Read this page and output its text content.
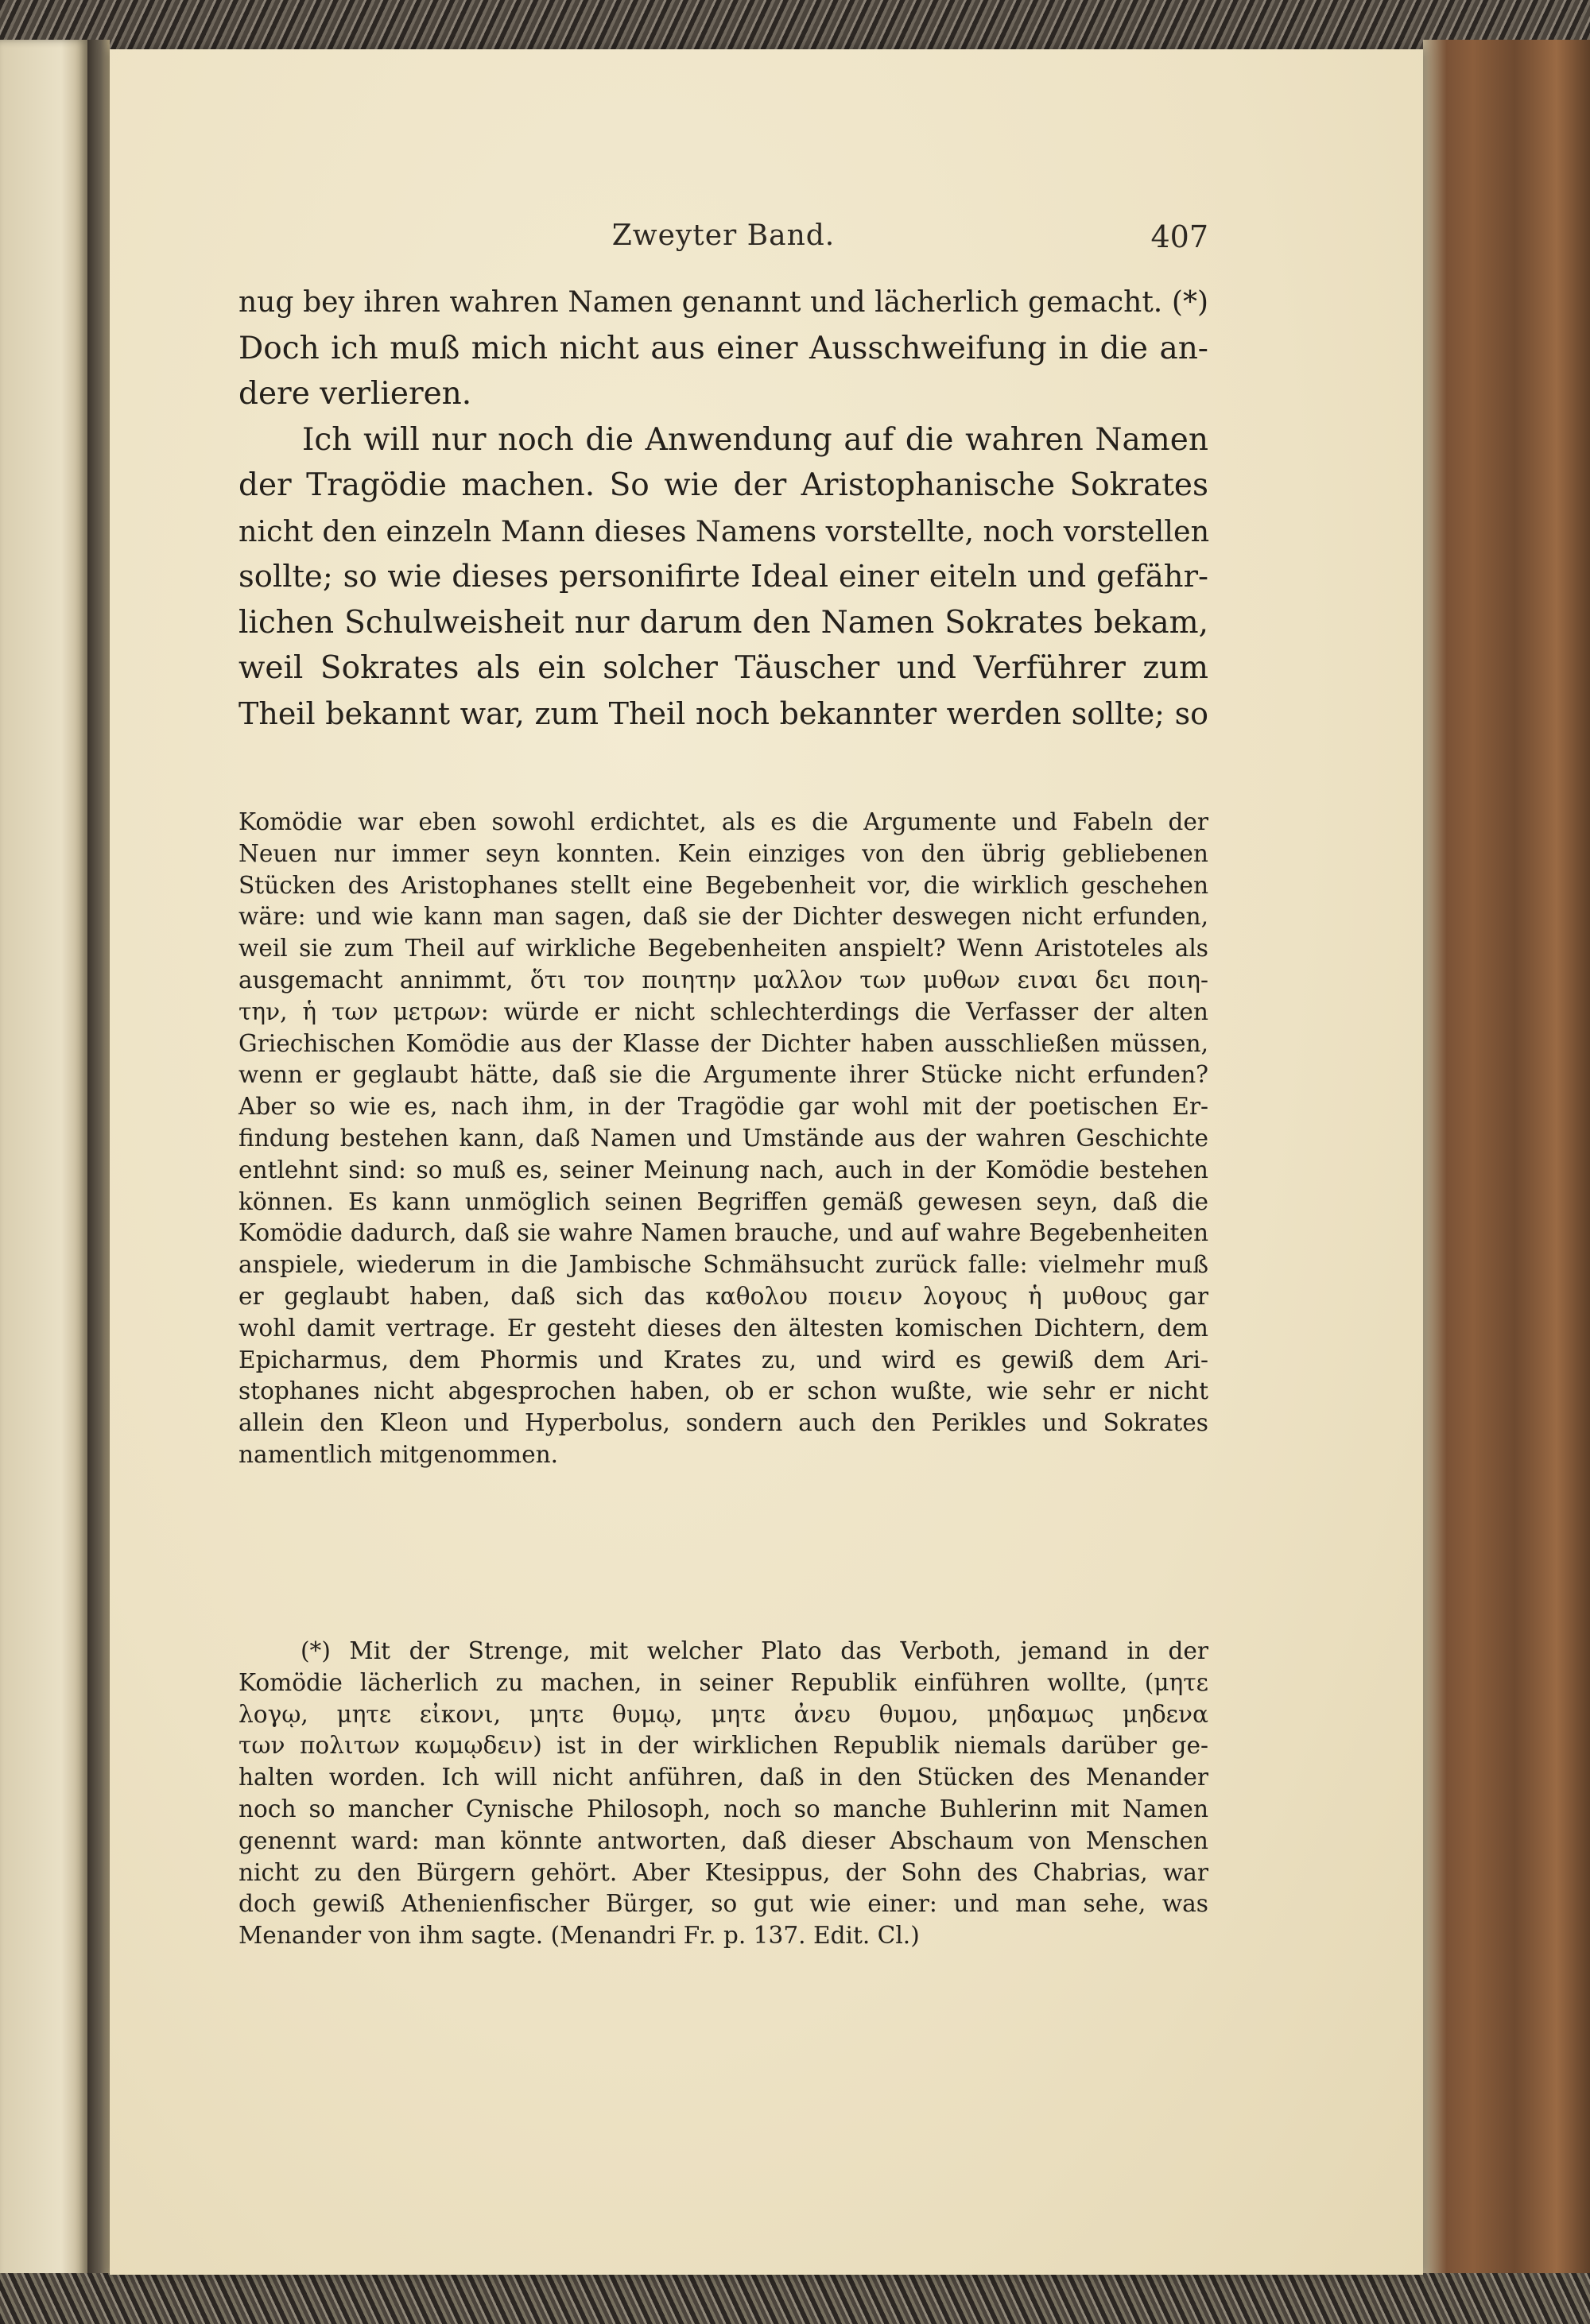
Zweyter Band.	407
nug bey ihren wahren Namen genannt und lächerlich gemacht. (*)
Doch ich muß mich nicht aus einer Ausschweifung in die an-
dere verlieren.
Ich will nur noch die Anwendung auf die wahren Namen
der Tragödie machen. So wie der Aristophanische Sokrates
nicht den einzeln Mann dieses Namens vorstellte, noch vorstellen
sollte; so wie dieses personifirte Ideal einer eiteln und gefähr-
lichen Schulweisheit nur darum den Namen Sokrates bekam,
weil Sokrates als ein solcher Täuscher und Verführer zum
Theil bekannt war, zum Theil noch bekannter werden sollte; so
Komödie war eben sowohl erdichtet, als es die Argumente und Fabeln der
Neuen nur immer seyn konnten. Kein einziges von den übrig gebliebenen
Stücken des Aristophanes stellt eine Begebenheit vor, die wirklich geschehen
wäre: und wie kann man sagen, daß sie der Dichter deswegen nicht erfunden,
weil sie zum Theil auf wirkliche Begebenheiten anspielt? Wenn Aristoteles als
ausgemacht annimmt, ὅτι τον ποιητην μαλλον των μυθων ειναι δει ποιη-
την, ἡ των μετρων: würde er nicht schlechterdings die Verfasser der alten
Griechischen Komödie aus der Klasse der Dichter haben ausschließen müssen,
wenn er geglaubt hätte, daß sie die Argumente ihrer Stücke nicht erfunden?
Aber so wie es, nach ihm, in der Tragödie gar wohl mit der poetischen Er-
findung bestehen kann, daß Namen und Umstände aus der wahren Geschichte
entlehnt sind: so muß es, seiner Meinung nach, auch in der Komödie bestehen
können. Es kann unmöglich seinen Begriffen gemäß gewesen seyn, daß die
Komödie dadurch, daß sie wahre Namen brauche, und auf wahre Begebenheiten
anspiele, wiederum in die Jambische Schmähsucht zurück falle: vielmehr muß
er geglaubt haben, daß sich das καθολου ποιειν λογους ἡ μυθους gar
wohl damit vertrage. Er gesteht dieses den ältesten komischen Dichtern, dem
Epicharmus, dem Phormis und Krates zu, und wird es gewiß dem Ari-
stophanes nicht abgesprochen haben, ob er schon wußte, wie sehr er nicht
allein den Kleon und Hyperbolus, sondern auch den Perikles und Sokrates
namentlich mitgenommen.
(*) Mit der Strenge, mit welcher Plato das Verboth, jemand in der
Komödie lächerlich zu machen, in seiner Republik einführen wollte, (μητε
λογῳ, μητε εἰκονι, μητε θυμῳ, μητε ἀνευ θυμου, μηδαμως μηδενα
των πολιτων κωμῳδειν) ist in der wirklichen Republik niemals darüber ge-
halten worden. Ich will nicht anführen, daß in den Stücken des Menander
noch so mancher Cynische Philosoph, noch so manche Buhlerinn mit Namen
genennt ward: man könnte antworten, daß dieser Abschaum von Menschen
nicht zu den Bürgern gehört. Aber Ktesippus, der Sohn des Chabrias, war
doch gewiß Athenienfischer Bürger, so gut wie einer: und man sehe, was
Menander von ihm sagte. (Menandri Fr. p. 137. Edit. Cl.)
